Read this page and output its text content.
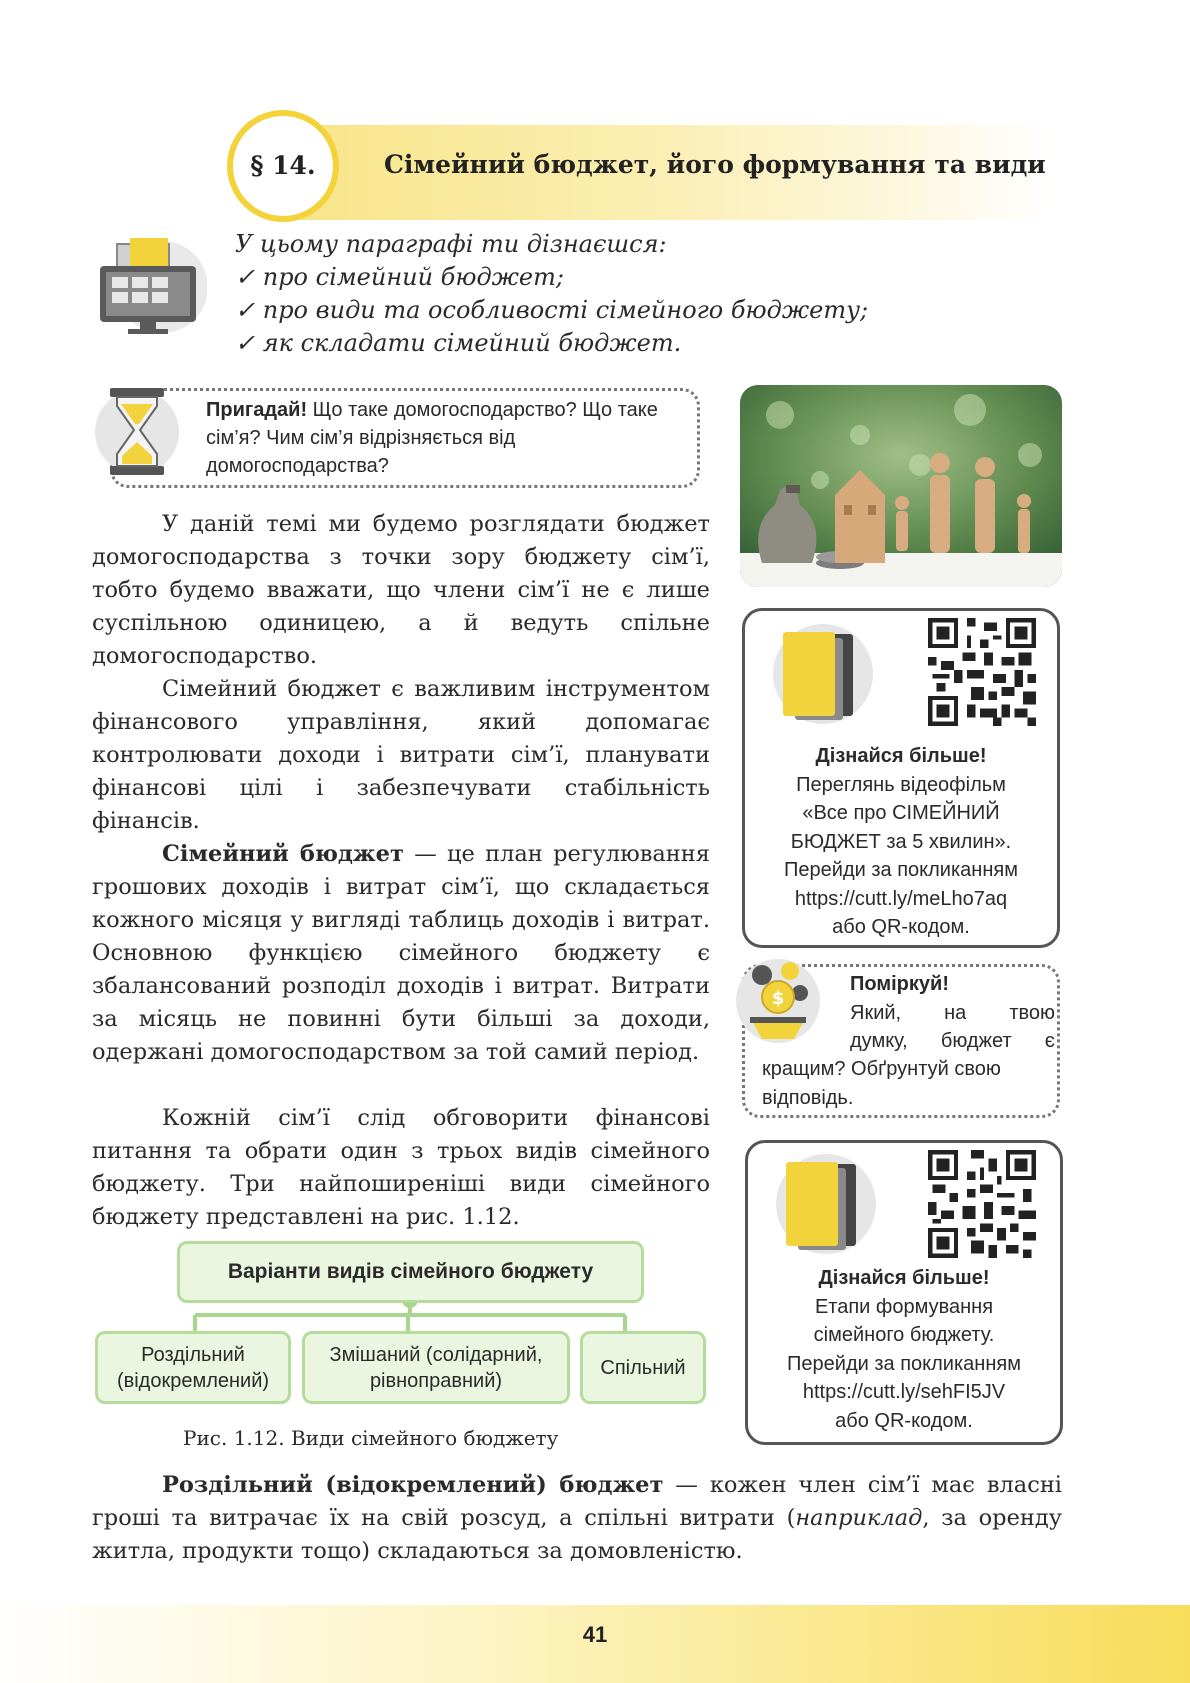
§ 14.	Сімейний бюджет, його формування та види
У цьому параграфі ти дізнаєшся:
✓ про сімейний бюджет;
✓ про види та особливості сімейного бюджету;
✓ як складати сімейний бюджет.
Пригадай! Що таке домогосподарство? Що таке сім’я? Чим сім’я відрізняється від домогосподарства?
У даній темі ми будемо розглядати бюджет домогосподарства з точки зору бюджету сім’ї, тобто будемо вважати, що члени сім’ї не є лише суспільною одиницею, а й ведуть спільне домогосподарство.
Сімейний бюджет є важливим інструментом фінансового управління, який допомагає контролювати доходи і витрати сім’ї, планувати фінансові цілі і забезпечувати стабільність фінансів.
Сімейний бюджет — це план регулювання грошових доходів і витрат сім’ї, що складається кожного місяця у вигляді таблиць доходів і витрат. Основною функцією сімейного бюджету є збалансований розподіл доходів і витрат. Витрати за місяць не повинні бути більші за доходи, одержані домогосподарством за той самий період.
Кожній сім’ї слід обговорити фінансові питання та обрати один з трьох видів сімейного бюджету. Три найпоширеніші види сімейного бюджету представлені на рис. 1.12.
Роздільний (відокремлений) бюджет — кожен член сім’ї має власні гроші та витрачає їх на свій розсуд, а спільні витрати (наприклад, за оренду житла, продукти тощо) складаються за домовленістю.
Дізнайся більше!
Переглянь відеофільм
«Все про СІМЕЙНИЙ
БЮДЖЕТ за 5 хвилин».
Перейди за покликанням
https://cutt.ly/meLho7aq
або QR-кодом.
$
Поміркуй!
Який, на твою
думку, бюджет є
кращим? Обґрунтуй свою
відповідь.
Дізнайся більше!
Етапи формування
сімейного бюджету.
Перейди за покликанням
https://cutt.ly/sehFI5JV
або QR-кодом.
Варіанти видів сімейного бюджету
Роздільний
(відокремлений)
Змішаний (солідарний,
рівноправний)
Спільний
Рис. 1.12. Види сімейного бюджету
41
